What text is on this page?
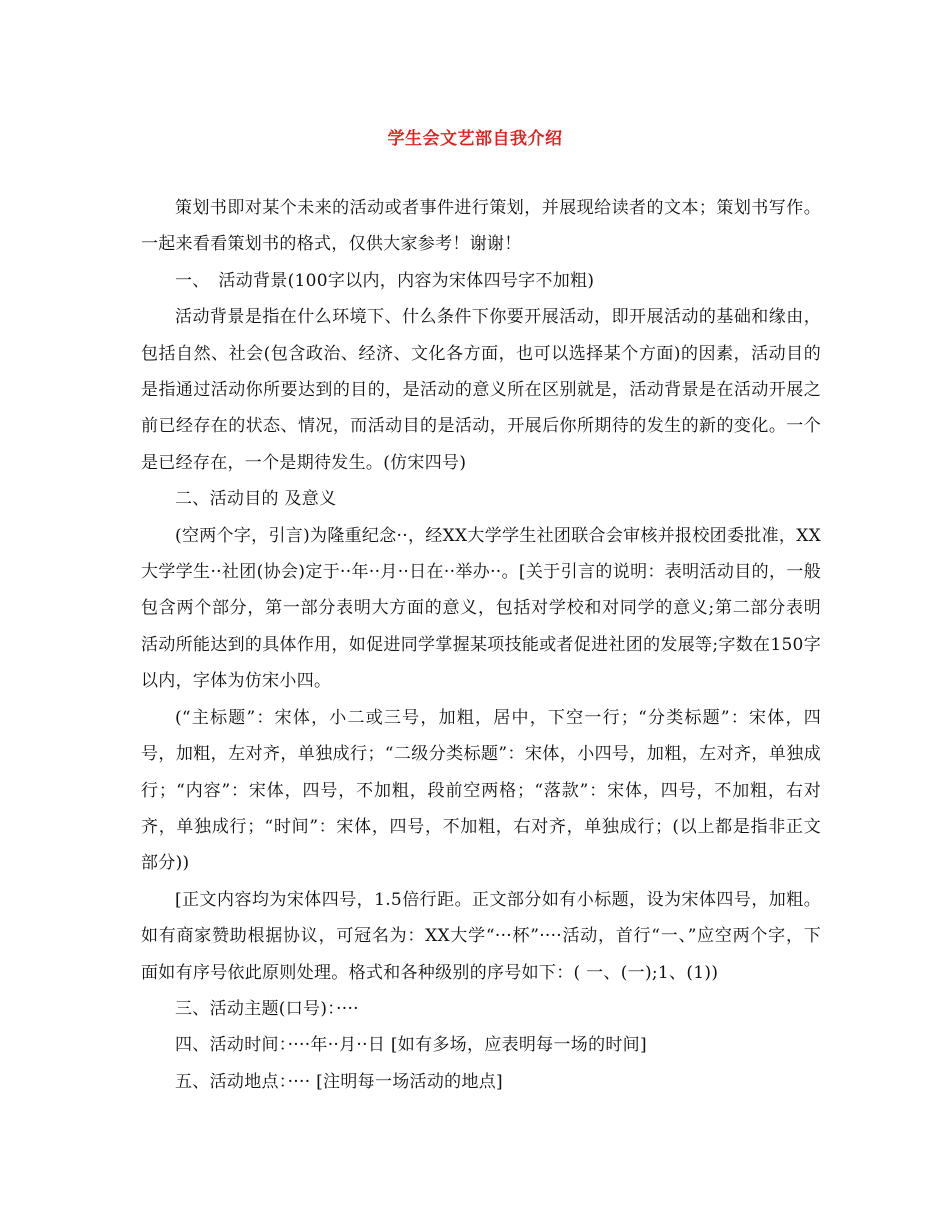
学生会文艺部自我介绍

策划书即对某个未来的活动或者事件进行策划，并展现给读者的文本；策划书写作。一起来看看策划书的格式，仅供大家参考！谢谢！

一、　活动背景(100字以内，内容为宋体四号字不加粗)

活动背景是指在什么环境下、什么条件下你要开展活动，即开展活动的基础和缘由，包括自然、社会(包含政治、经济、文化各方面，也可以选择某个方面)的因素，活动目的是指通过活动你所要达到的目的，是活动的意义所在区别就是，活动背景是在活动开展之前已经存在的状态、情况，而活动目的是活动，开展后你所期待的发生的新的变化。一个是已经存在，一个是期待发生。(仿宋四号)

二、活动目的 及意义

(空两个字，引言)为隆重纪念··，经XX大学学生社团联合会审核并报校团委批准，XX大学学生··社团(协会)定于··年··月··日在··举办··。[关于引言的说明：表明活动目的，一般包含两个部分，第一部分表明大方面的意义，包括对学校和对同学的意义;第二部分表明活动所能达到的具体作用，如促进同学掌握某项技能或者促进社团的发展等;字数在150字以内，字体为仿宋小四。

(“主标题”：宋体，小二或三号，加粗，居中，下空一行；“分类标题”：宋体，四号，加粗，左对齐，单独成行；“二级分类标题”：宋体，小四号，加粗，左对齐，单独成行；“内容”：宋体，四号，不加粗，段前空两格；“落款”：宋体，四号，不加粗，右对齐，单独成行；“时间”：宋体，四号，不加粗，右对齐，单独成行；(以上都是指非正文部分))

[正文内容均为宋体四号，1.5倍行距。正文部分如有小标题，设为宋体四号，加粗。如有商家赞助根据协议，可冠名为：XX大学“···杯”····活动，首行“一、”应空两个字，下面如有序号依此原则处理。格式和各种级别的序号如下：( 一、(一);1、(1))

三、活动主题(口号)：····

四、活动时间：····年··月··日 [如有多场，应表明每一场的时间]

五、活动地点：···· [注明每一场活动的地点]
